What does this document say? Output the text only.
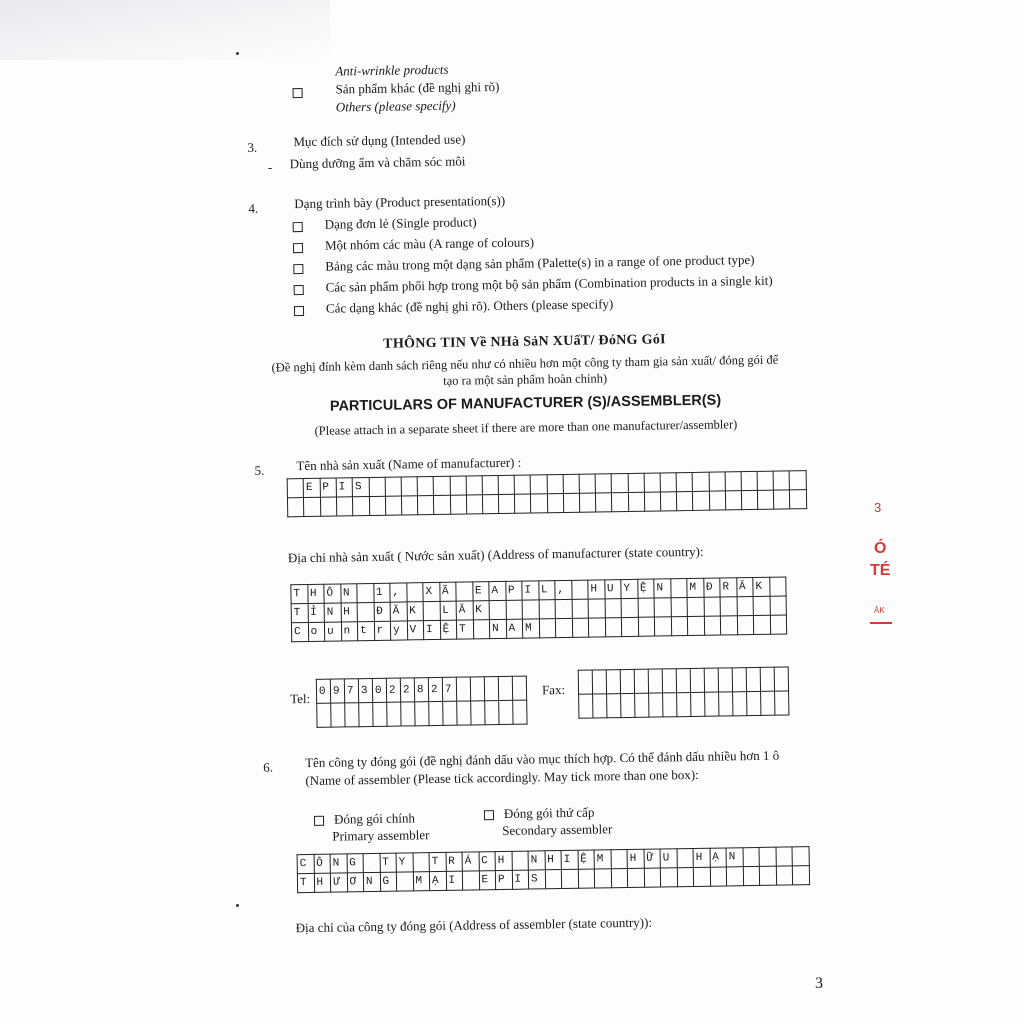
Anti-wrinkle products
Sản phẩm khác (đề nghị ghi rõ)
Others (please specify)
3.	Mục đích sử dụng (Intended use)
- Dùng dưỡng ẩm và chăm sóc môi
4.	Dạng trình bày (Product presentation(s))
Dạng đơn lẻ (Single product)
Một nhóm các màu (A range of colours)
Bảng các màu trong một dạng sản phẩm (Palette(s) in a range of one product type)
Các sản phẩm phối hợp trong một bộ sản phẩm (Combination products in a single kit)
Các dạng khác (đề nghị ghi rõ). Others (please specify)
THÔNG TIN Về NHà SảN XUấT/ ĐóNG GóI
(Đề nghị đính kèm danh sách riêng nếu như có nhiều hơn một công ty tham gia sản xuất/ đóng gói để
tạo ra một sản phẩm hoàn chỉnh)
PARTICULARS OF MANUFACTURER (S)/ASSEMBLER(S)
(Please attach in a separate sheet if there are more than one manufacturer/assembler)
5. Tên nhà sản xuất (Name of manufacturer) :
	E	P	I	S																											

Địa chỉ nhà sản xuất ( Nước sản xuất) (Address of manufacturer (state country):
T	H	Ô	N		1	,		X	Ã		E	A	P	I	L	,		H	U	Y	Ệ	N		M	Đ	R	Ă	K	
T	Ỉ	N	H		Đ	Ă	K		L	Ă	K																		
C	o	u	n	t	r	y	V	I	Ệ	T		N	A	M															
Tel: 0	9	7	3	0	2	2	8	2	7					
															Fax:

6. Tên công ty đóng gói (đề nghị đánh dấu vào mục thích hợp. Có thể đánh dấu nhiều hơn 1 ô
(Name of assembler (Please tick accordingly. May tick more than one box):
Đóng gói chính
Primary assembler
Đóng gói thứ cấp
Secondary assembler
C	Ô	N	G		T	Y		T	R	Á	C	H		N	H	I	Ệ	M		H	Ữ	U		H	Ạ	N				
T	H	Ư	Ơ	N	G		M	Ạ	I		E	P	I	S																
Địa chỉ của công ty đóng gói (Address of assembler (state country)):
3
Ó
TÉ
ĂK
3
